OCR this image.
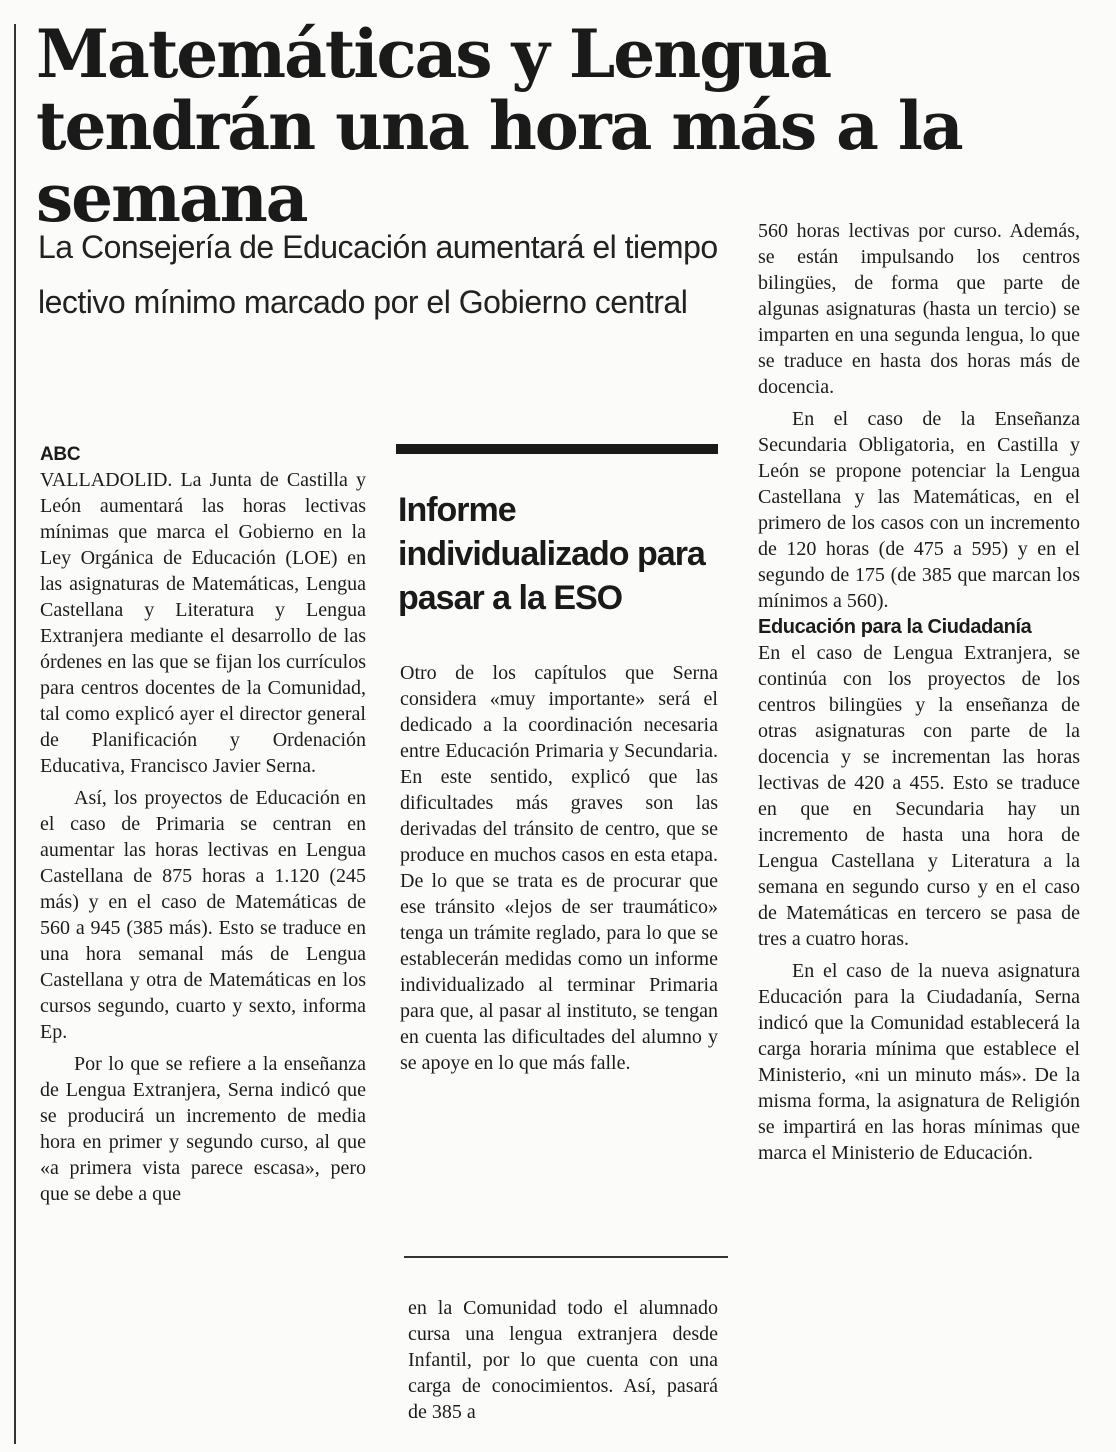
Matemáticas y Lengua tendrán una hora más a la semana
La Consejería de Educación aumentará el tiempo lectivo mínimo marcado por el Gobierno central

ABC

VALLADOLID. La Junta de Castilla y León aumentará las horas lectivas mínimas que marca el Gobierno en la Ley Orgánica de Educación (LOE) en las asignaturas de Matemáticas, Lengua Castellana y Literatura y Lengua Extranjera mediante el desarrollo de las órdenes en las que se fijan los currículos para centros docentes de la Comunidad, tal como explicó ayer el director general de Planificación y Ordenación Educativa, Francisco Javier Serna.

Así, los proyectos de Educación en el caso de Primaria se centran en aumentar las horas lectivas en Lengua Castellana de 875 horas a 1.120 (245 más) y en el caso de Matemáticas de 560 a 945 (385 más). Esto se traduce en una hora semanal más de Lengua Castellana y otra de Matemáticas en los cursos segundo, cuarto y sexto, informa Ep.

Por lo que se refiere a la enseñanza de Lengua Extranjera, Serna indicó que se producirá un incremento de media hora en primer y segundo curso, al que «a primera vista parece escasa», pero que se debe a que

Informe individualizado para pasar a la ESO

Otro de los capítulos que Serna considera «muy importante» será el dedicado a la coordinación necesaria entre Educación Primaria y Secundaria. En este sentido, explicó que las dificultades más graves son las derivadas del tránsito de centro, que se produce en muchos casos en esta etapa. De lo que se trata es de procurar que ese tránsito «lejos de ser traumático» tenga un trámite reglado, para lo que se establecerán medidas como un informe individualizado al terminar Primaria para que, al pasar al instituto, se tengan en cuenta las dificultades del alumno y se apoye en lo que más falle.

en la Comunidad todo el alumnado cursa una lengua extranjera desde Infantil, por lo que cuenta con una carga de conocimientos. Así, pasará de 385 a

560 horas lectivas por curso. Además, se están impulsando los centros bilingües, de forma que parte de algunas asignaturas (hasta un tercio) se imparten en una segunda lengua, lo que se traduce en hasta dos horas más de docencia.

En el caso de la Enseñanza Secundaria Obligatoria, en Castilla y León se propone potenciar la Lengua Castellana y las Matemáticas, en el primero de los casos con un incremento de 120 horas (de 475 a 595) y en el segundo de 175 (de 385 que marcan los mínimos a 560).

Educación para la Ciudadanía

En el caso de Lengua Extranjera, se continúa con los proyectos de los centros bilingües y la enseñanza de otras asignaturas con parte de la docencia y se incrementan las horas lectivas de 420 a 455. Esto se traduce en que en Secundaria hay un incremento de hasta una hora de Lengua Castellana y Literatura a la semana en segundo curso y en el caso de Matemáticas en tercero se pasa de tres a cuatro horas.

En el caso de la nueva asignatura Educación para la Ciudadanía, Serna indicó que la Comunidad establecerá la carga horaria mínima que establece el Ministerio, «ni un minuto más». De la misma forma, la asignatura de Religión se impartirá en las horas mínimas que marca el Ministerio de Educación.
